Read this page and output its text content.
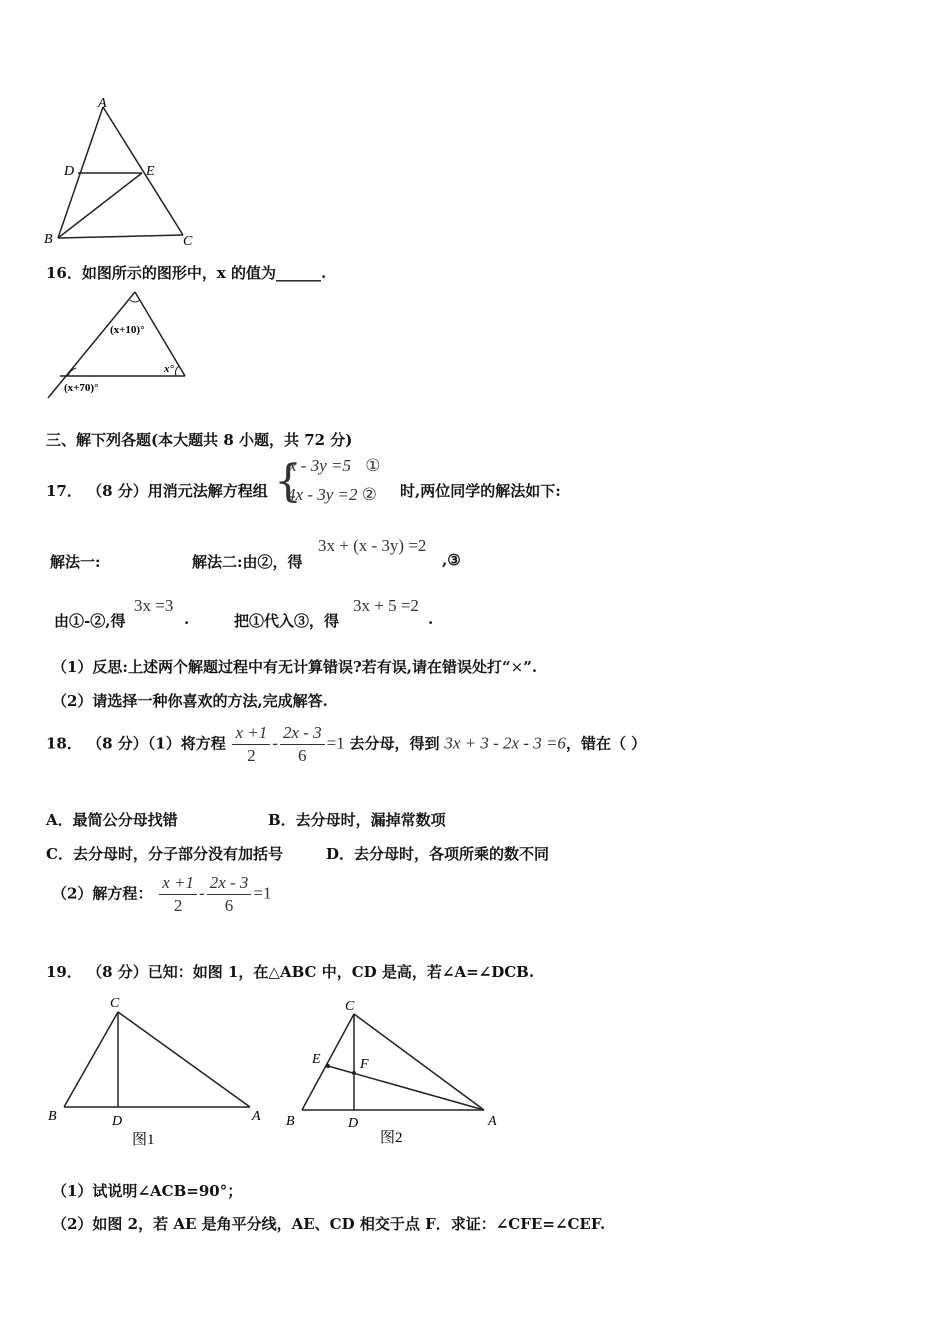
A
D	E
B	C
16．如图所示的图形中，x 的值为______.
(x+10)°
x°
(x+70)°
三、解下列各题(本大题共 8 小题，共 72 分)
17． （8 分）用消元法解方程组 {
x - 3y =5 ①
4x - 3y =2 ② 时,两位同学的解法如下:
解法一:	解法二:由②，得
3x + (x - 3y) =2
,③
由①-②,得
3x =3
.	把①代入③，得
3x + 5 =2
.
（1）反思:上述两个解题过程中有无计算错误?若有误,请在错误处打“×”.
（2）请选择一种你喜欢的方法,完成解答.
18． （8 分）（1）将方程 $\frac{x +1}{2} - \frac{2x - 3}{6} =1$ 去分母，得到 3x + 3 - 2x - 3 =6，错在（ ）
A．最简公分母找错	B．去分母时，漏掉常数项
C．去分母时，分子部分没有加括号	D．去分母时，各项所乘的数不同
（2）解方程： $\frac{x +1}{2} - \frac{2x - 3}{6} =1$
19． （8 分）已知：如图 1，在△ABC 中，CD 是高，若∠A=∠DCB.
C
B	D	A
图1
C
E	F
B	D	A
图2
（1）试说明∠ACB=90°；
（2）如图 2，若 AE 是角平分线，AE、CD 相交于点 F．求证：∠CFE=∠CEF.
